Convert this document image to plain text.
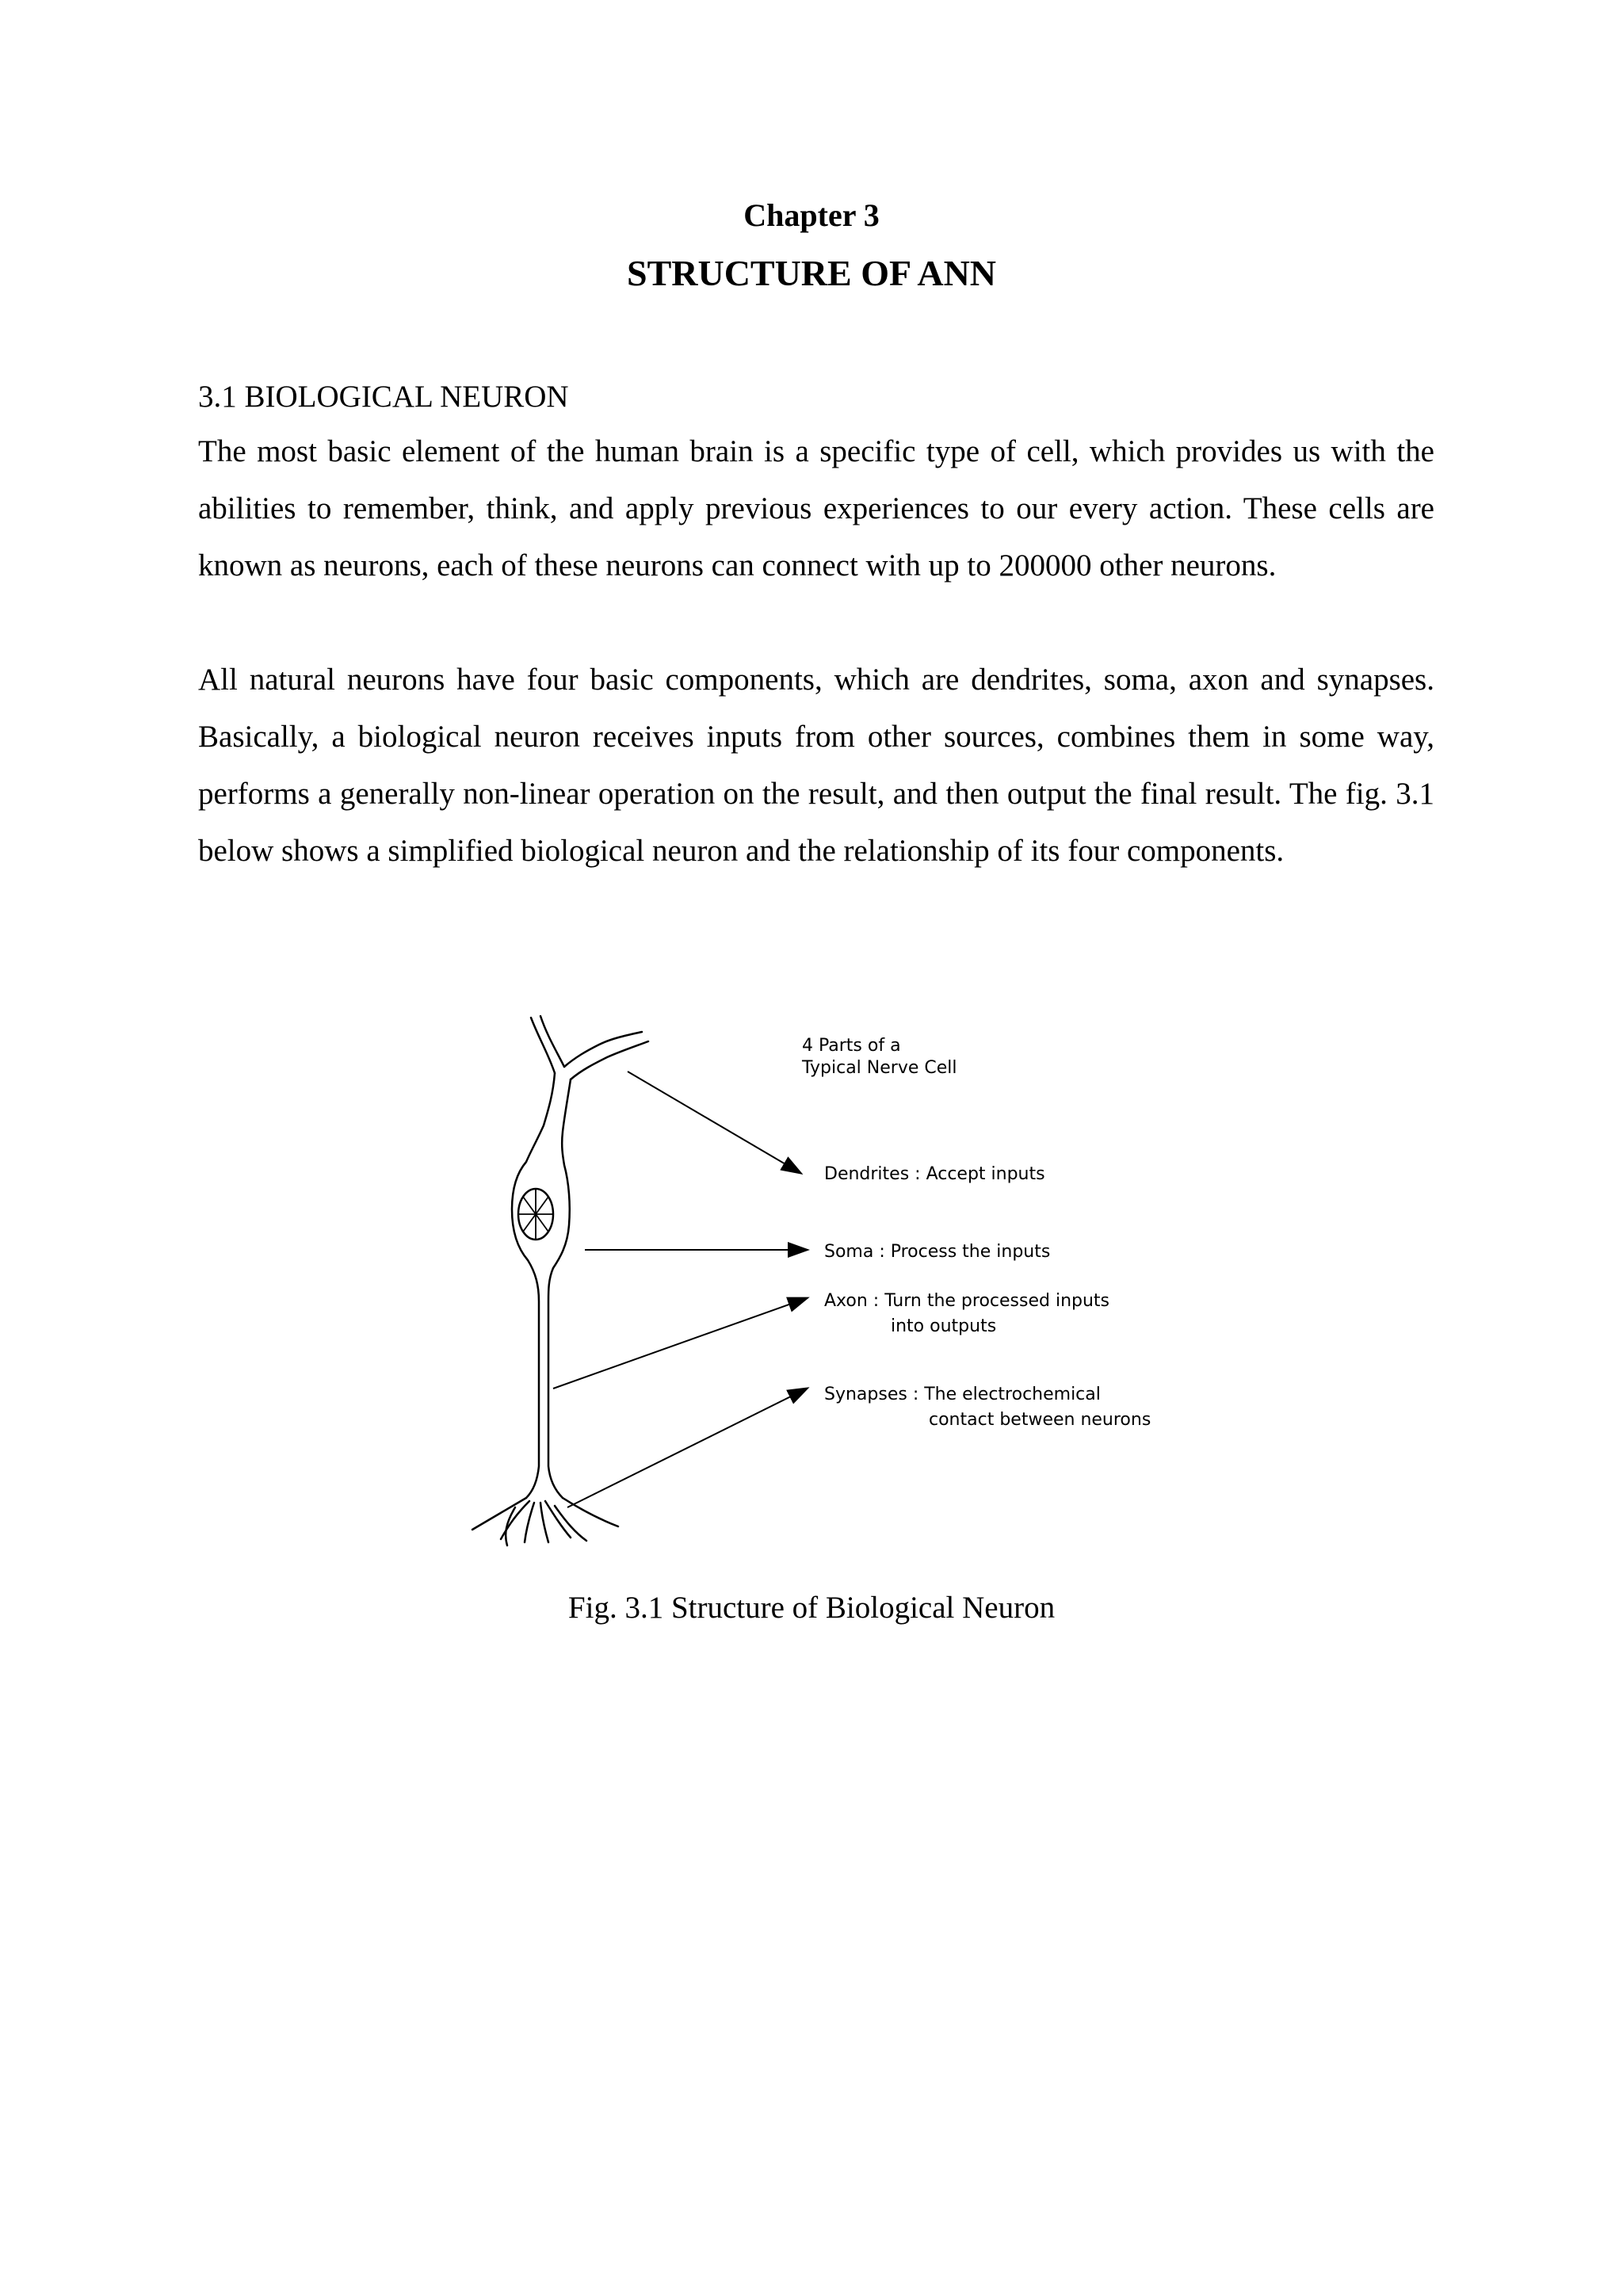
Chapter 3
STRUCTURE OF ANN
3.1 BIOLOGICAL NEURON

The most basic element of the human brain is a specific type of cell, which provides us with the abilities to remember, think, and apply previous experiences to our every action. These cells are known as neurons, each of these neurons can connect with up to 200000 other neurons.

All natural neurons have four basic components, which are dendrites, soma, axon and synapses. Basically, a biological neuron receives inputs from other sources, combines them in some way, performs a generally non-linear operation on the result, and then output the final result. The fig. 3.1 below shows a simplified biological neuron and the relationship of its four components.

4 Parts of a
Typical Nerve Cell
Dendrites : Accept inputs
Soma : Process the inputs
Axon : Turn the processed inputs
into outputs
Synapses : The electrochemical
contact between neurons
Fig. 3.1 Structure of Biological Neuron
